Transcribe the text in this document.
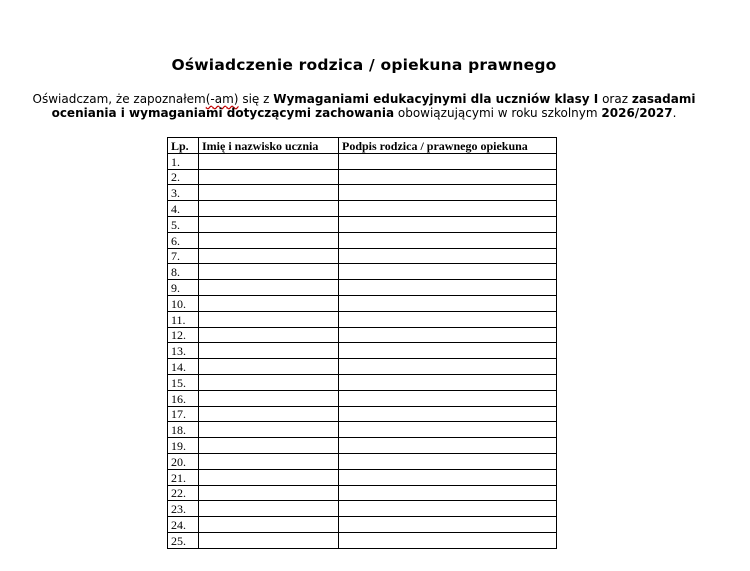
Oświadczenie rodzica / opiekuna prawnego

Oświadczam, że zapoznałem(-am) się z Wymaganiami edukacyjnymi dla uczniów klasy I oraz zasadami oceniania i wymaganiami dotyczącymi zachowania obowiązującymi w roku szkolnym 2026/2027.

Lp.	Imię i nazwisko ucznia	Podpis rodzica / prawnego opiekuna
1.		
2.		
3.		
4.		
5.		
6.		
7.		
8.		
9.		
10.		
11.		
12.		
13.		
14.		
15.		
16.		
17.		
18.		
19.		
20.		
21.		
22.		
23.		
24.		
25.		
